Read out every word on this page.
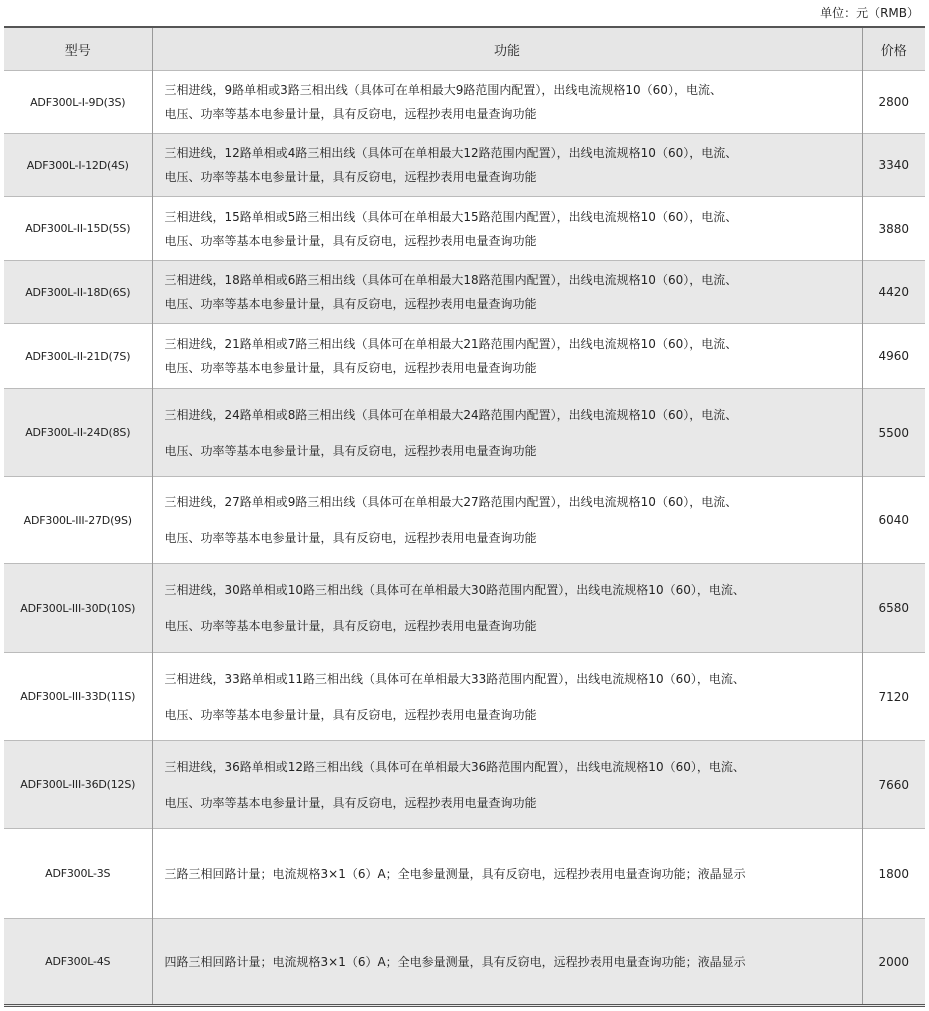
单位：元（RMB）
型号	功能	价格
ADF300L-I-9D(3S)	三相进线，9路单相或3路三相出线（具体可在单相最大9路范围内配置），出线电流规格10（60），电流、
电压、功率等基本电参量计量，具有反窃电，远程抄表用电量查询功能	2800
ADF300L-I-12D(4S)	三相进线，12路单相或4路三相出线（具体可在单相最大12路范围内配置），出线电流规格10（60），电流、
电压、功率等基本电参量计量，具有反窃电，远程抄表用电量查询功能	3340
ADF300L-II-15D(5S)	三相进线，15路单相或5路三相出线（具体可在单相最大15路范围内配置），出线电流规格10（60），电流、
电压、功率等基本电参量计量，具有反窃电，远程抄表用电量查询功能	3880
ADF300L-II-18D(6S)	三相进线，18路单相或6路三相出线（具体可在单相最大18路范围内配置），出线电流规格10（60），电流、
电压、功率等基本电参量计量，具有反窃电，远程抄表用电量查询功能	4420
ADF300L-II-21D(7S)	三相进线，21路单相或7路三相出线（具体可在单相最大21路范围内配置），出线电流规格10（60），电流、
电压、功率等基本电参量计量，具有反窃电，远程抄表用电量查询功能	4960
ADF300L-II-24D(8S)	三相进线，24路单相或8路三相出线（具体可在单相最大24路范围内配置），出线电流规格10（60），电流、
电压、功率等基本电参量计量，具有反窃电，远程抄表用电量查询功能	5500
ADF300L-III-27D(9S)	三相进线，27路单相或9路三相出线（具体可在单相最大27路范围内配置），出线电流规格10（60），电流、
电压、功率等基本电参量计量，具有反窃电，远程抄表用电量查询功能	6040
ADF300L-III-30D(10S)	三相进线，30路单相或10路三相出线（具体可在单相最大30路范围内配置），出线电流规格10（60），电流、
电压、功率等基本电参量计量，具有反窃电，远程抄表用电量查询功能	6580
ADF300L-III-33D(11S)	三相进线，33路单相或11路三相出线（具体可在单相最大33路范围内配置），出线电流规格10（60），电流、
电压、功率等基本电参量计量，具有反窃电，远程抄表用电量查询功能	7120
ADF300L-III-36D(12S)	三相进线，36路单相或12路三相出线（具体可在单相最大36路范围内配置），出线电流规格10（60），电流、
电压、功率等基本电参量计量，具有反窃电，远程抄表用电量查询功能	7660
ADF300L-3S	三路三相回路计量；电流规格3×1（6）A；全电参量测量，具有反窃电，远程抄表用电量查询功能；液晶显示	1800
ADF300L-4S	四路三相回路计量；电流规格3×1（6）A；全电参量测量，具有反窃电，远程抄表用电量查询功能；液晶显示	2000
